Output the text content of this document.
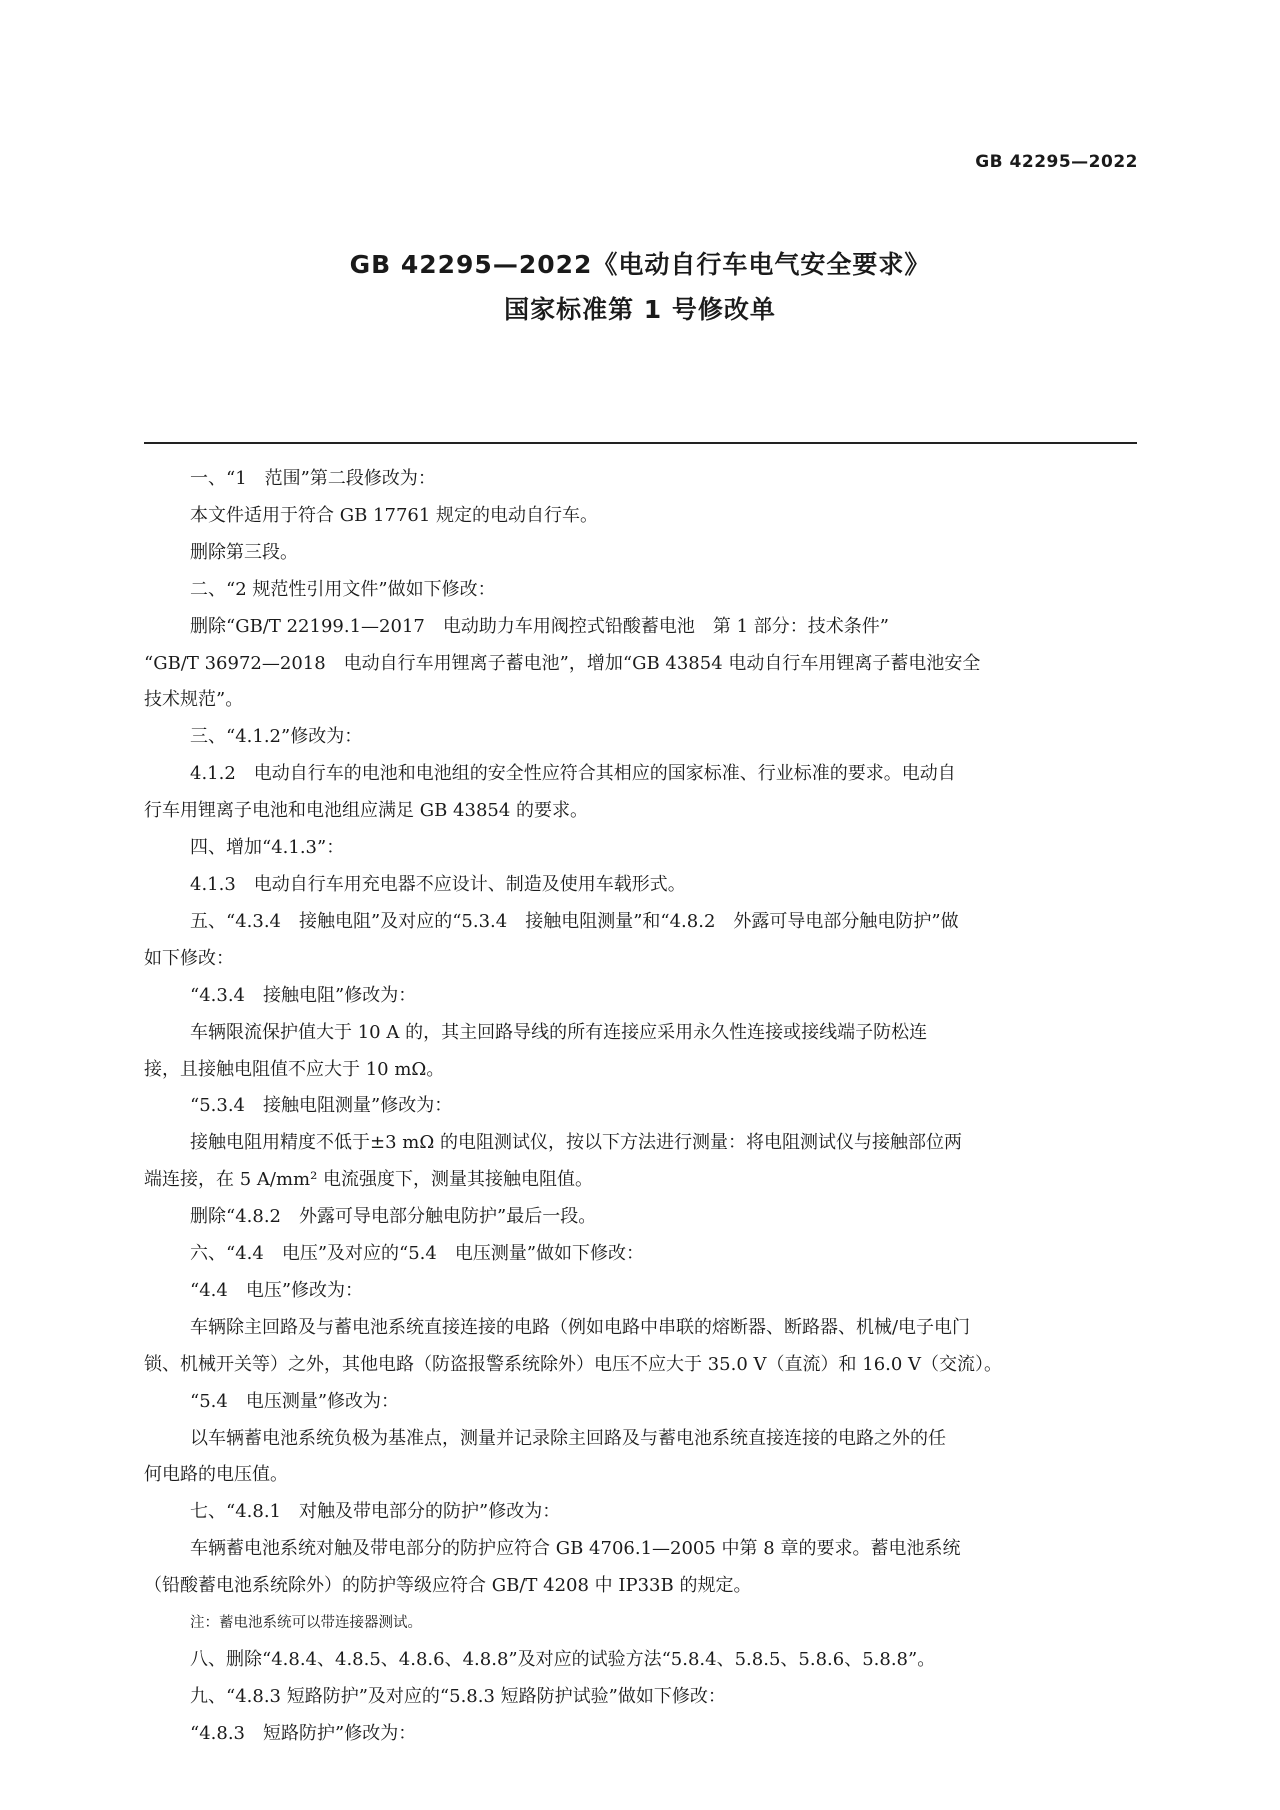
GB 42295—2022
GB 42295—2022《电动自行车电气安全要求》
国家标准第 1 号修改单
一、“1　范围”第二段修改为：
本文件适用于符合 GB 17761 规定的电动自行车。
删除第三段。
二、“2 规范性引用文件”做如下修改：
删除“GB/T 22199.1—2017　电动助力车用阀控式铅酸蓄电池　第 1 部分：技术条件”
“GB/T 36972—2018　电动自行车用锂离子蓄电池”，增加“GB 43854 电动自行车用锂离子蓄电池安全
技术规范”。
三、“4.1.2”修改为：
4.1.2　电动自行车的电池和电池组的安全性应符合其相应的国家标准、行业标准的要求。电动自
行车用锂离子电池和电池组应满足 GB 43854 的要求。
四、增加“4.1.3”：
4.1.3　电动自行车用充电器不应设计、制造及使用车载形式。
五、“4.3.4　接触电阻”及对应的“5.3.4　接触电阻测量”和“4.8.2　外露可导电部分触电防护”做
如下修改：
“4.3.4　接触电阻”修改为：
车辆限流保护值大于 10 A 的，其主回路导线的所有连接应采用永久性连接或接线端子防松连
接，且接触电阻值不应大于 10 mΩ。
“5.3.4　接触电阻测量”修改为：
接触电阻用精度不低于±3 mΩ 的电阻测试仪，按以下方法进行测量：将电阻测试仪与接触部位两
端连接，在 5 A/mm² 电流强度下，测量其接触电阻值。
删除“4.8.2　外露可导电部分触电防护”最后一段。
六、“4.4　电压”及对应的“5.4　电压测量”做如下修改：
“4.4　电压”修改为：
车辆除主回路及与蓄电池系统直接连接的电路（例如电路中串联的熔断器、断路器、机械/电子电门
锁、机械开关等）之外，其他电路（防盗报警系统除外）电压不应大于 35.0 V（直流）和 16.0 V（交流）。
“5.4　电压测量”修改为：
以车辆蓄电池系统负极为基准点，测量并记录除主回路及与蓄电池系统直接连接的电路之外的任
何电路的电压值。
七、“4.8.1　对触及带电部分的防护”修改为：
车辆蓄电池系统对触及带电部分的防护应符合 GB 4706.1—2005 中第 8 章的要求。蓄电池系统
（铅酸蓄电池系统除外）的防护等级应符合 GB/T 4208 中 IP33B 的规定。
注：蓄电池系统可以带连接器测试。
八、删除“4.8.4、4.8.5、4.8.6、4.8.8”及对应的试验方法“5.8.4、5.8.5、5.8.6、5.8.8”。
九、“4.8.3 短路防护”及对应的“5.8.3 短路防护试验”做如下修改：
“4.8.3　短路防护”修改为：
